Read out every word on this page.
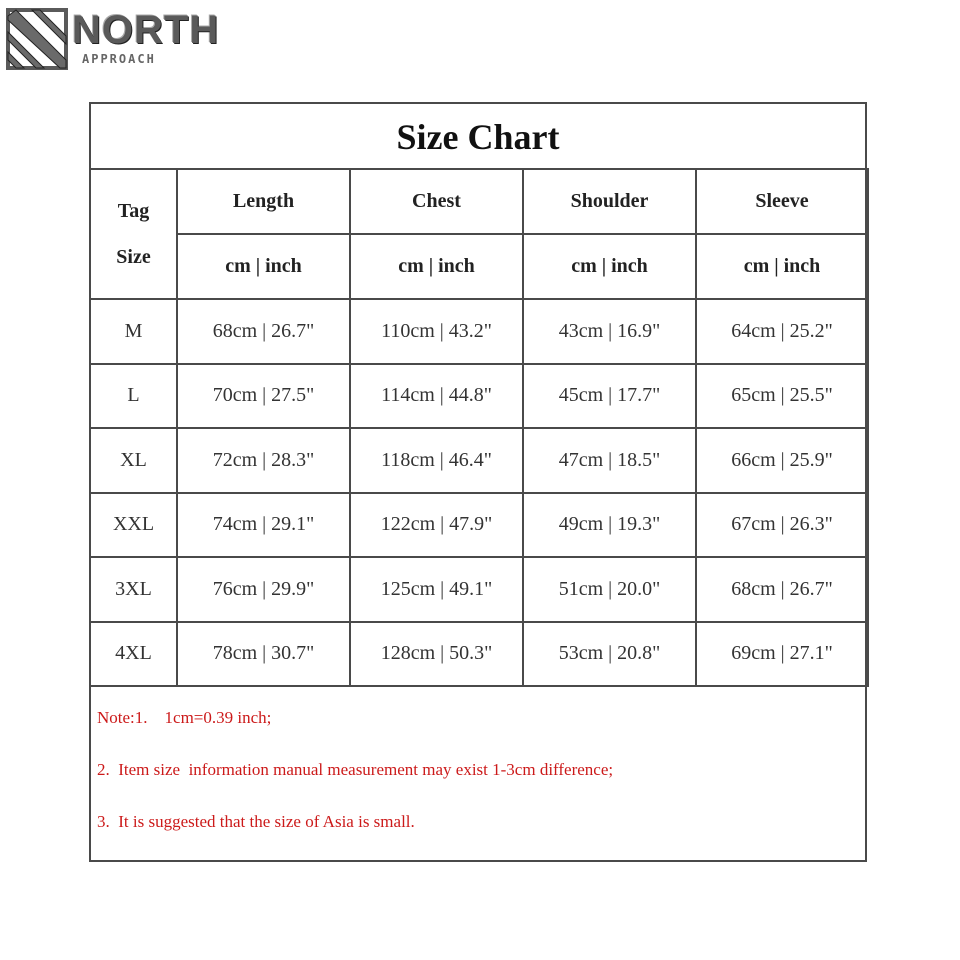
NORTH
APPROACH
Size Chart
Tag
Size	Length	Chest	Shoulder	Sleeve
	cm | inch	cm | inch	cm | inch	cm | inch
M	68cm | 26.7"	110cm | 43.2"	43cm | 16.9"	64cm | 25.2"
L	70cm | 27.5"	114cm | 44.8"	45cm | 17.7"	65cm | 25.5"
XL	72cm | 28.3"	118cm | 46.4"	47cm | 18.5"	66cm | 25.9"
XXL	74cm | 29.1"	122cm | 47.9"	49cm | 19.3"	67cm | 26.3"
3XL	76cm | 29.9"	125cm | 49.1"	51cm | 20.0"	68cm | 26.7"
4XL	78cm | 30.7"	128cm | 50.3"	53cm | 20.8"	69cm | 27.1"
Note:1.    1cm=0.39 inch;
2.  Item size  information manual measurement may exist 1-3cm difference;
3.  It is suggested that the size of Asia is small.
